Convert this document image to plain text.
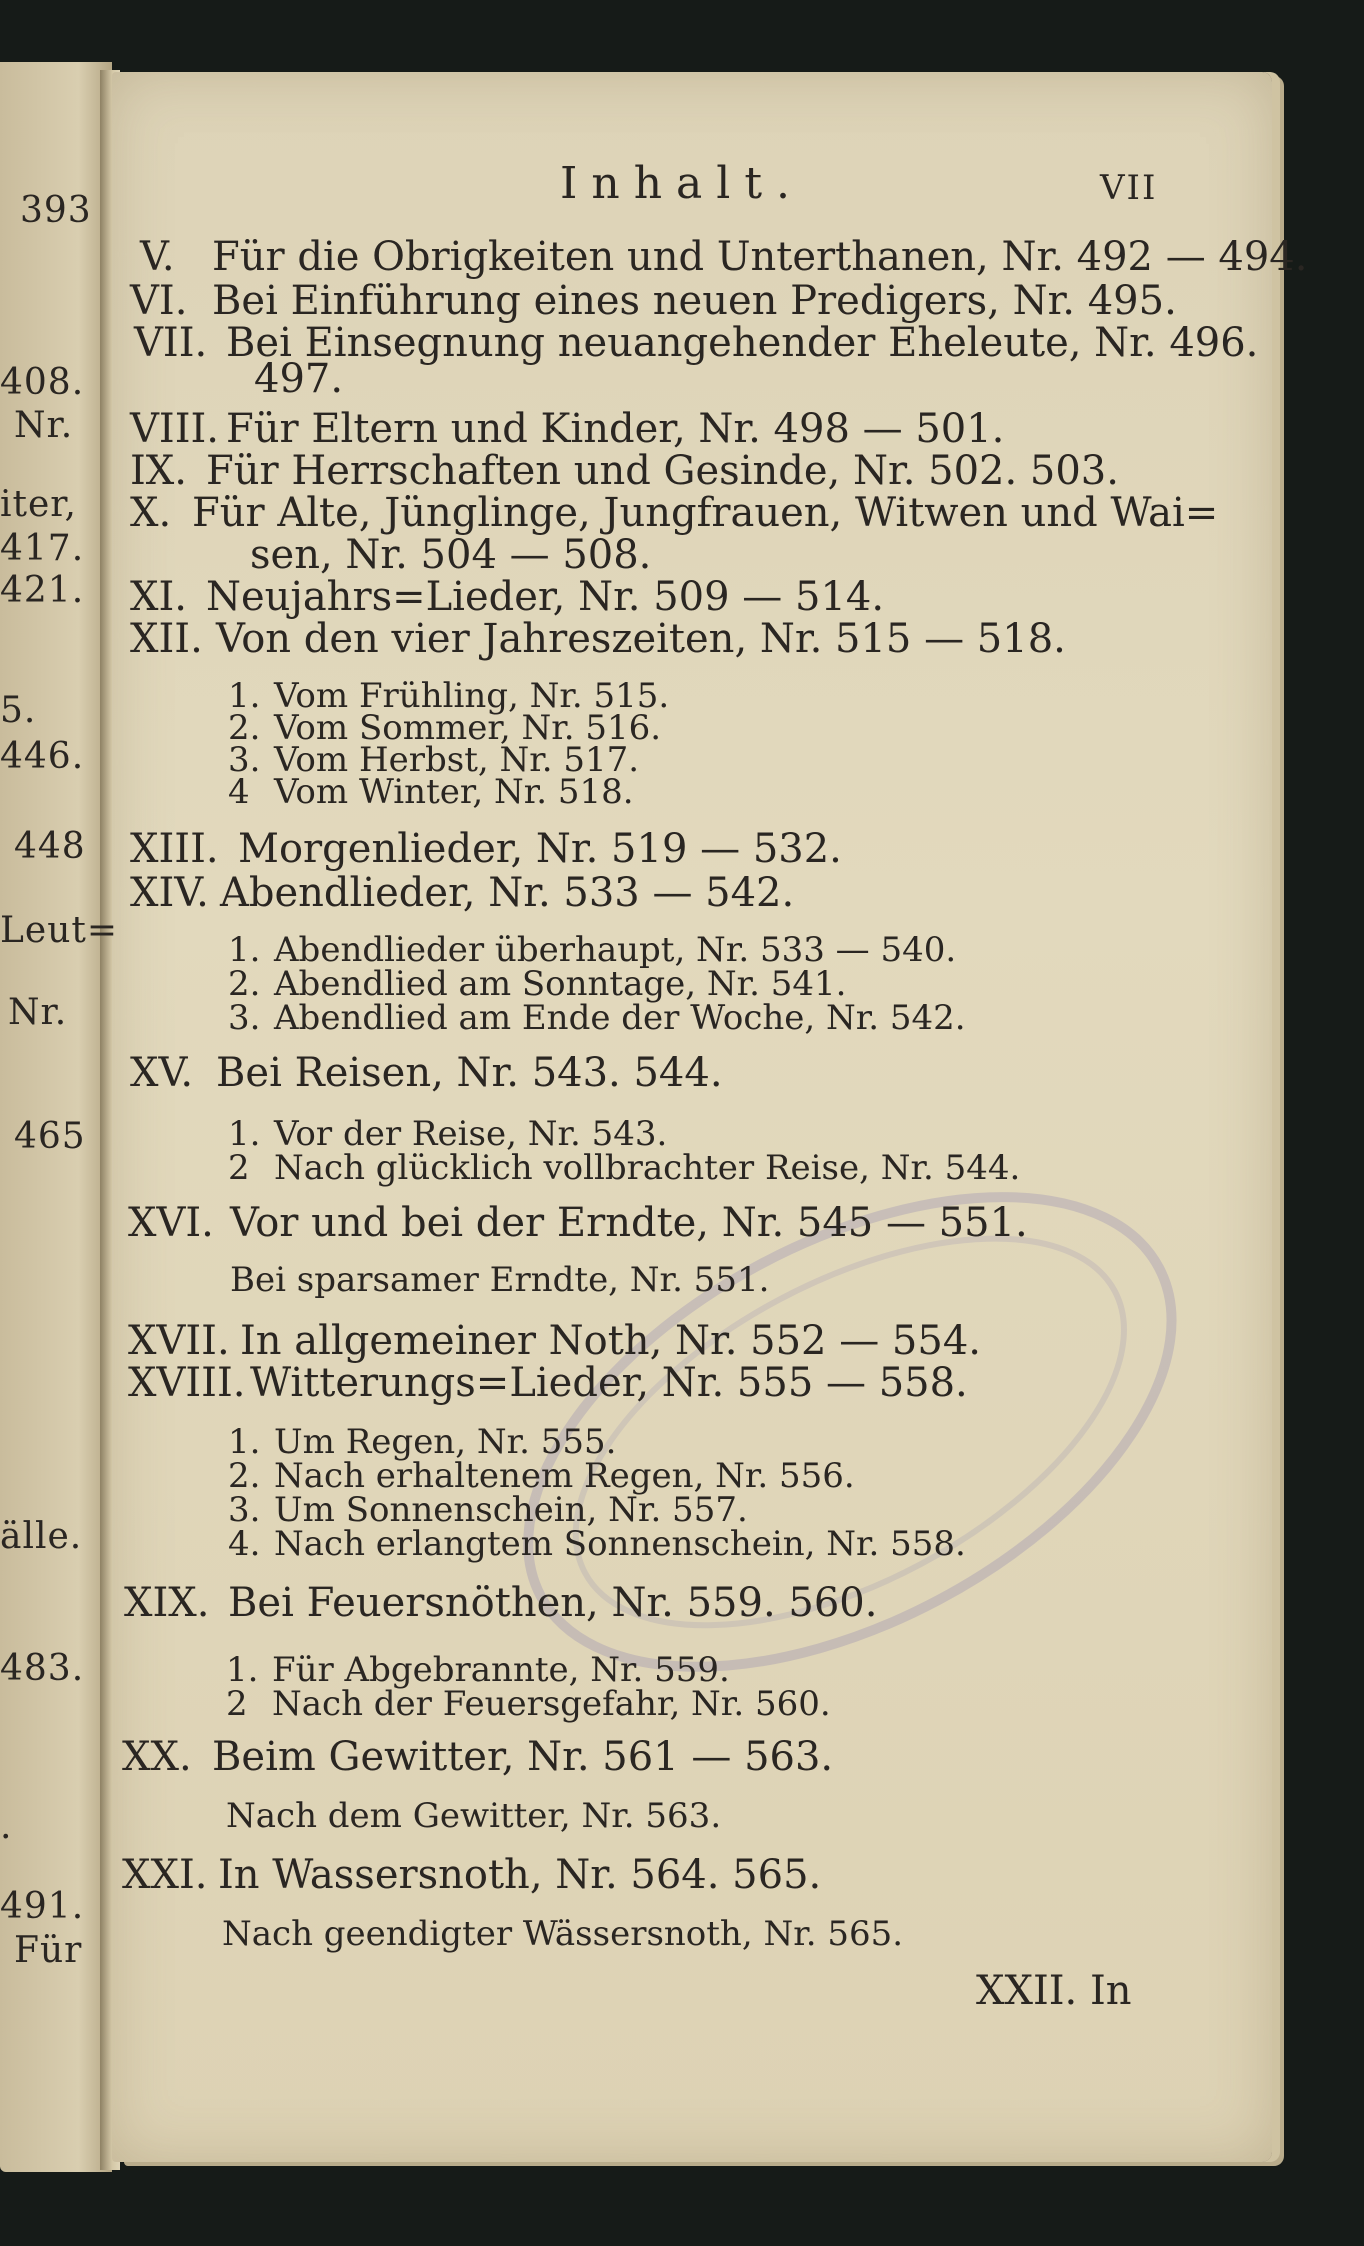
393
408.
Nr.
iter,
417.
421.
5.
446.
448
Leut=
Nr.
465
älle.
483.
.
491.
Für
Inhalt.	VII
V. Für die Obrigkeiten und Unterthanen, Nr. 492 — 494.
VI. Bei Einführung eines neuen Predigers, Nr. 495.
VII. Bei Einsegnung neuangehender Eheleute, Nr. 496.
497.
VIII. Für Eltern und Kinder, Nr. 498 — 501.
IX. Für Herrschaften und Gesinde, Nr. 502. 503.
X. Für Alte, Jünglinge, Jungfrauen, Witwen und Wai=
sen, Nr. 504 — 508.
XI. Neujahrs=Lieder, Nr. 509 — 514.
XII. Von den vier Jahreszeiten, Nr. 515 — 518.
1. Vom Frühling, Nr. 515.
2. Vom Sommer, Nr. 516.
3. Vom Herbst, Nr. 517.
4 Vom Winter, Nr. 518.
XIII. Morgenlieder, Nr. 519 — 532.
XIV. Abendlieder, Nr. 533 — 542.
1. Abendlieder überhaupt, Nr. 533 — 540.
2. Abendlied am Sonntage, Nr. 541.
3. Abendlied am Ende der Woche, Nr. 542.
XV. Bei Reisen, Nr. 543. 544.
1. Vor der Reise, Nr. 543.
2 Nach glücklich vollbrachter Reise, Nr. 544.
XVI. Vor und bei der Erndte, Nr. 545 — 551.
Bei sparsamer Erndte, Nr. 551.
XVII. In allgemeiner Noth, Nr. 552 — 554.
XVIII. Witterungs=Lieder, Nr. 555 — 558.
1. Um Regen, Nr. 555.
2. Nach erhaltenem Regen, Nr. 556.
3. Um Sonnenschein, Nr. 557.
4. Nach erlangtem Sonnenschein, Nr. 558.
XIX. Bei Feuersnöthen, Nr. 559. 560.
1. Für Abgebrannte, Nr. 559.
2 Nach der Feuersgefahr, Nr. 560.
XX. Beim Gewitter, Nr. 561 — 563.
Nach dem Gewitter, Nr. 563.
XXI. In Wassersnoth, Nr. 564. 565.
Nach geendigter Wässersnoth, Nr. 565.
XXII. In
